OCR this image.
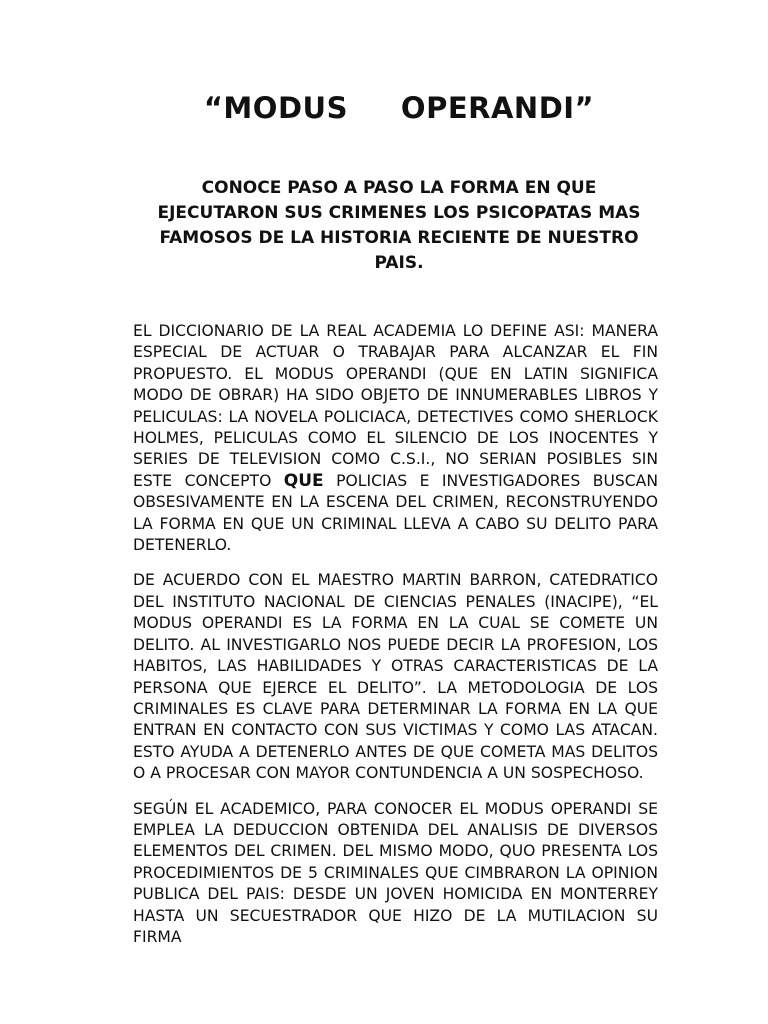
“MODUS     OPERANDI”
CONOCE PASO A PASO LA FORMA EN QUE EJECUTARON SUS CRIMENES LOS PSICOPATAS MAS FAMOSOS DE LA HISTORIA RECIENTE DE NUESTRO PAIS.

EL DICCIONARIO DE LA REAL ACADEMIA LO DEFINE ASI: MANERA ESPECIAL DE ACTUAR O TRABAJAR PARA ALCANZAR EL FIN PROPUESTO. EL MODUS OPERANDI (QUE EN LATIN SIGNIFICA MODO DE OBRAR) HA SIDO OBJETO DE INNUMERABLES LIBROS Y PELICULAS: LA NOVELA POLICIACA, DETECTIVES COMO SHERLOCK HOLMES, PELICULAS COMO EL SILENCIO DE LOS INOCENTES Y SERIES DE TELEVISION COMO C.S.I., NO SERIAN POSIBLES SIN ESTE CONCEPTO QUE POLICIAS E INVESTIGADORES BUSCAN OBSESIVAMENTE EN LA ESCENA DEL CRIMEN, RECONSTRUYENDO LA FORMA EN QUE UN CRIMINAL LLEVA A CABO SU DELITO PARA DETENERLO.

DE ACUERDO CON EL MAESTRO MARTIN BARRON, CATEDRATICO DEL INSTITUTO NACIONAL DE CIENCIAS PENALES (INACIPE), “EL MODUS OPERANDI ES LA FORMA EN LA CUAL SE COMETE UN DELITO. AL INVESTIGARLO NOS PUEDE DECIR LA PROFESION, LOS HABITOS, LAS HABILIDADES Y OTRAS CARACTERISTICAS DE LA PERSONA QUE EJERCE EL DELITO”. LA METODOLOGIA DE LOS CRIMINALES ES CLAVE PARA DETERMINAR LA FORMA EN LA QUE ENTRAN EN CONTACTO CON SUS VICTIMAS Y COMO LAS ATACAN. ESTO AYUDA A DETENERLO ANTES DE QUE COMETA MAS DELITOS O A PROCESAR CON MAYOR CONTUNDENCIA A UN SOSPECHOSO.

SEGÚN EL ACADEMICO, PARA CONOCER EL MODUS OPERANDI SE EMPLEA LA DEDUCCION OBTENIDA DEL ANALISIS DE DIVERSOS ELEMENTOS DEL CRIMEN. DEL MISMO MODO, QUO PRESENTA LOS PROCEDIMIENTOS DE 5 CRIMINALES QUE CIMBRARON LA OPINION PUBLICA DEL PAIS: DESDE UN JOVEN HOMICIDA EN MONTERREY HASTA UN SECUESTRADOR QUE HIZO DE LA MUTILACION SU FIRMA
